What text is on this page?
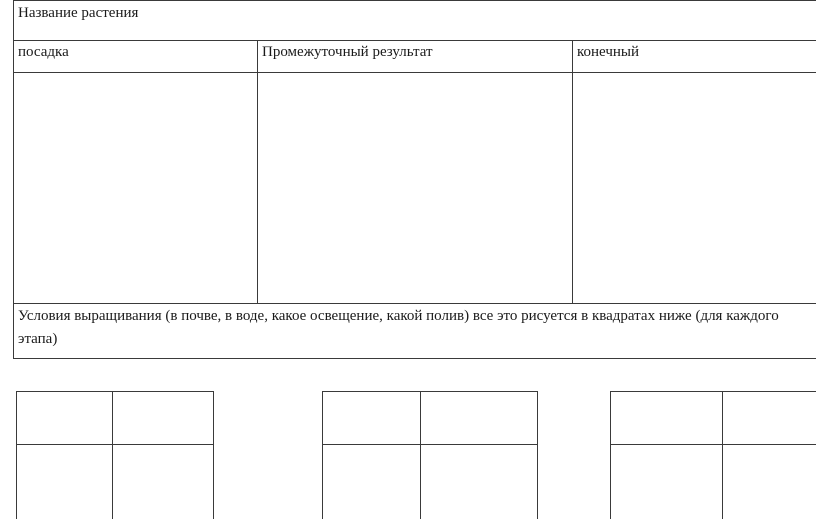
Название растения
посадка	Промежуточный результат	конечный
Условия выращивания (в почве, в воде, какое освещение, какой полив) все это рисуется в квадратах ниже (для каждого
этапа)
